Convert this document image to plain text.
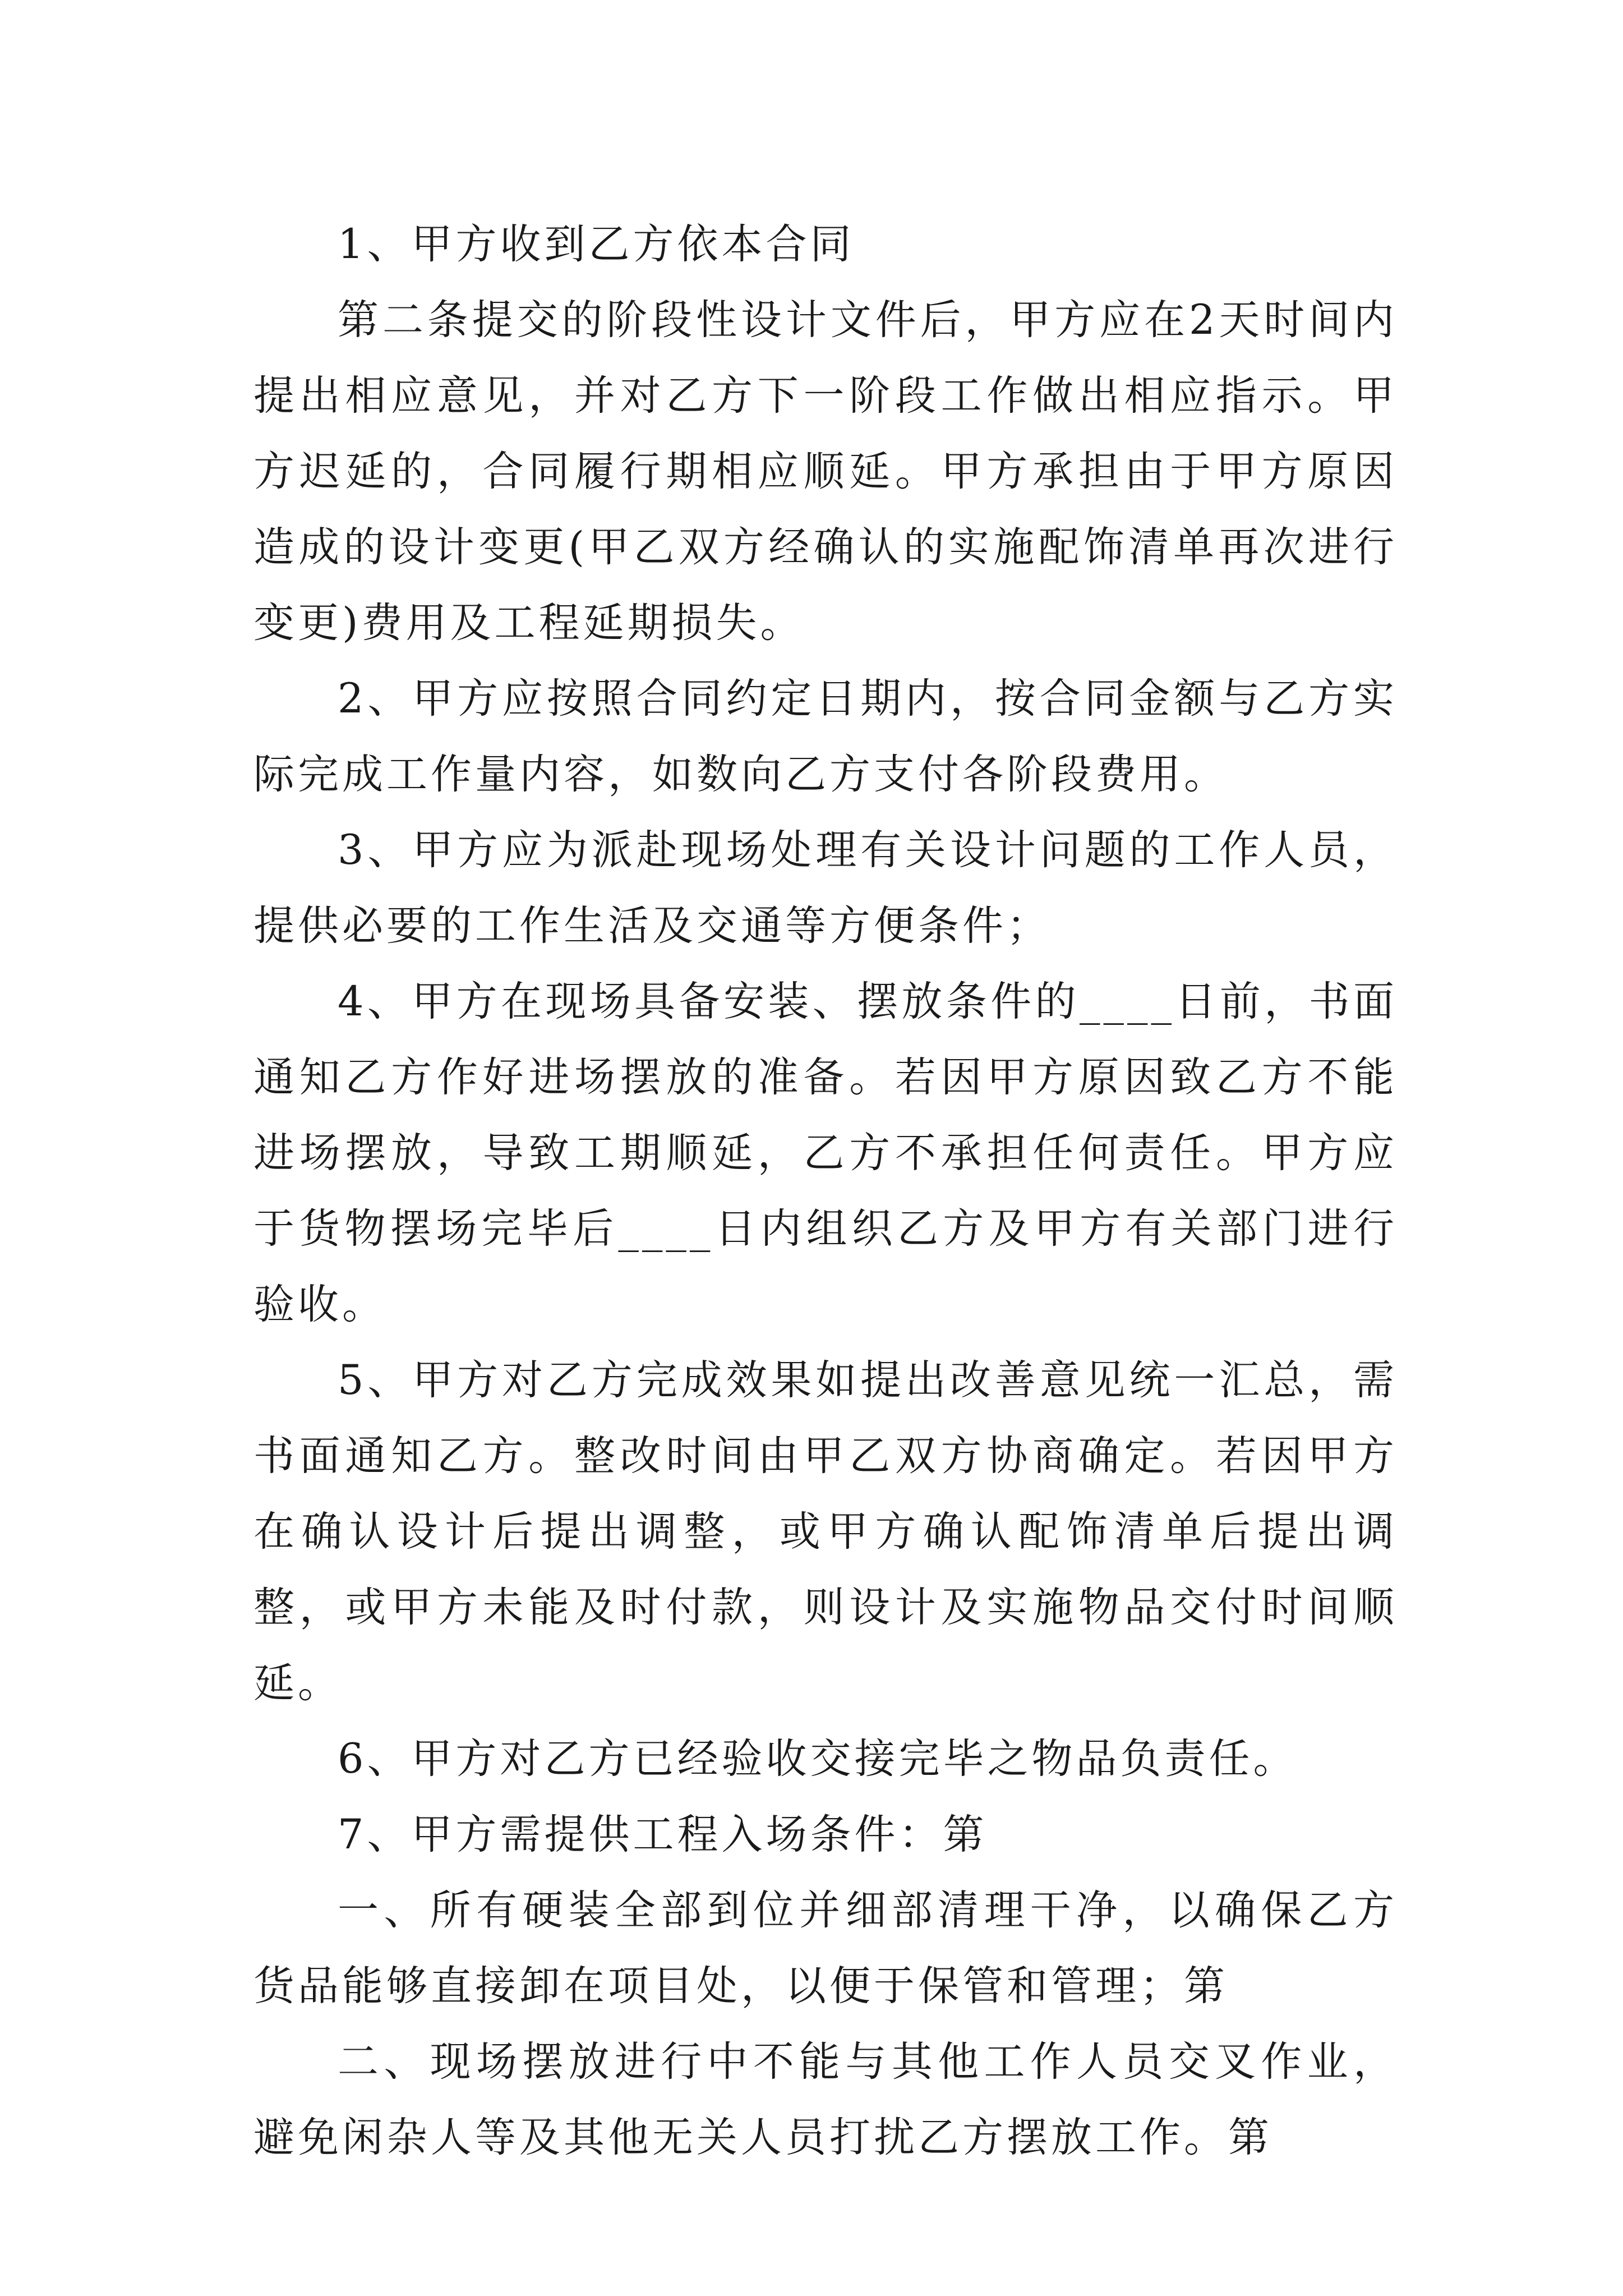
1、甲方收到乙方依本合同

第二条提交的阶段性设计文件后，甲方应在2天时间内提出相应意见，并对乙方下一阶段工作做出相应指示。甲方迟延的，合同履行期相应顺延。甲方承担由于甲方原因造成的设计变更(甲乙双方经确认的实施配饰清单再次进行变更)费用及工程延期损失。

2、甲方应按照合同约定日期内，按合同金额与乙方实际完成工作量内容，如数向乙方支付各阶段费用。

3、甲方应为派赴现场处理有关设计问题的工作人员，提供必要的工作生活及交通等方便条件；

4、甲方在现场具备安装、摆放条件的____日前，书面通知乙方作好进场摆放的准备。若因甲方原因致乙方不能进场摆放，导致工期顺延，乙方不承担任何责任。甲方应于货物摆场完毕后____日内组织乙方及甲方有关部门进行验收。

5、甲方对乙方完成效果如提出改善意见统一汇总，需书面通知乙方。整改时间由甲乙双方协商确定。若因甲方在确认设计后提出调整，或甲方确认配饰清单后提出调整，或甲方未能及时付款，则设计及实施物品交付时间顺延。

6、甲方对乙方已经验收交接完毕之物品负责任。

7、甲方需提供工程入场条件：第

一、所有硬装全部到位并细部清理干净，以确保乙方货品能够直接卸在项目处，以便于保管和管理；第

二、现场摆放进行中不能与其他工作人员交叉作业，避免闲杂人等及其他无关人员打扰乙方摆放工作。第
